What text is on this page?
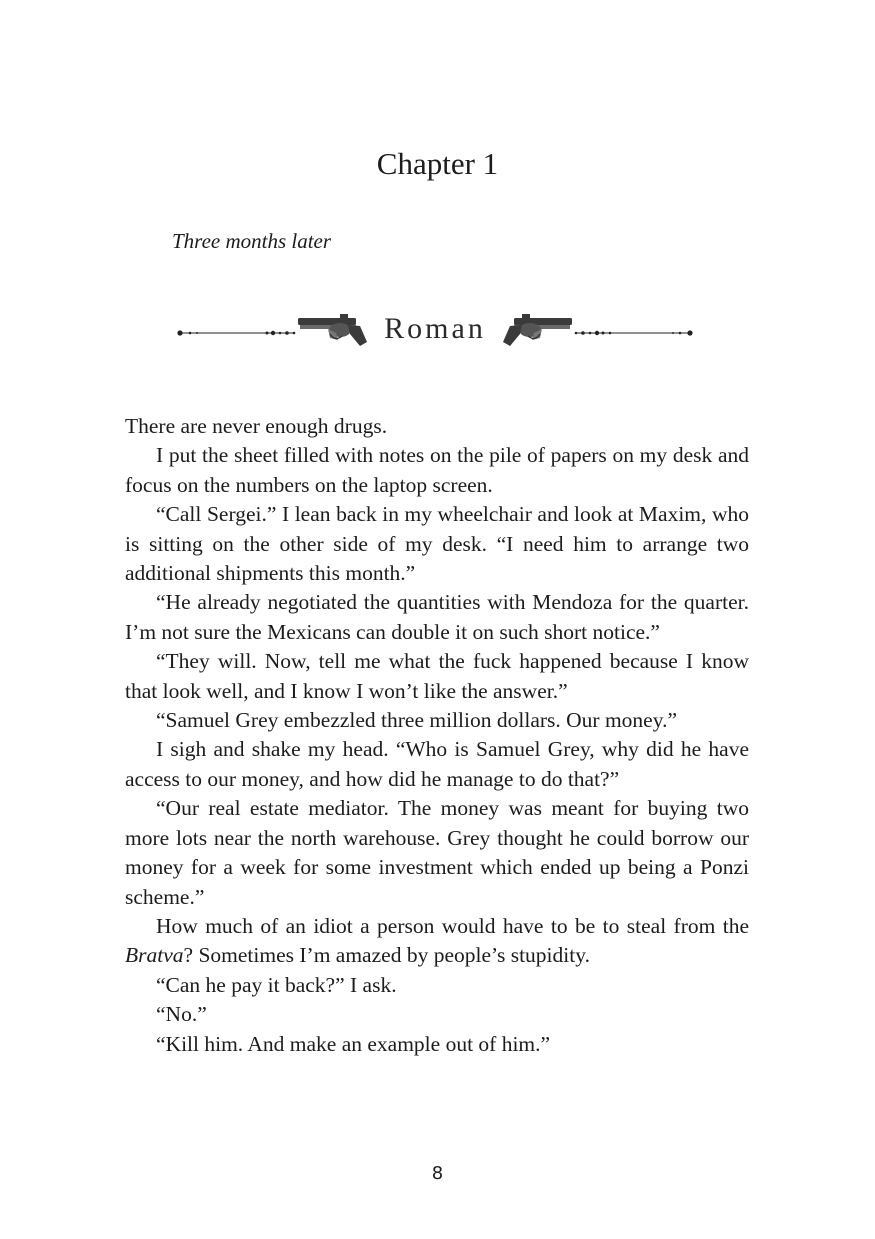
Chapter 1
Three months later
Roman

There are never enough drugs.

I put the sheet filled with notes on the pile of papers on my desk and focus on the numbers on the laptop screen.

“Call Sergei.” I lean back in my wheelchair and look at Maxim, who is sitting on the other side of my desk. “I need him to arrange two additional shipments this month.”

“He already negotiated the quantities with Mendoza for the quarter. I’m not sure the Mexicans can double it on such short notice.”

“They will. Now, tell me what the fuck happened because I know that look well, and I know I won’t like the answer.”

“Samuel Grey embezzled three million dollars. Our money.”

I sigh and shake my head. “Who is Samuel Grey, why did he have access to our money, and how did he manage to do that?”

“Our real estate mediator. The money was meant for buying two more lots near the north warehouse. Grey thought he could borrow our money for a week for some investment which ended up being a Ponzi scheme.”

How much of an idiot a person would have to be to steal from the Bratva? Sometimes I’m amazed by people’s stupidity.

“Can he pay it back?” I ask.

“No.”

“Kill him. And make an example out of him.”

8
